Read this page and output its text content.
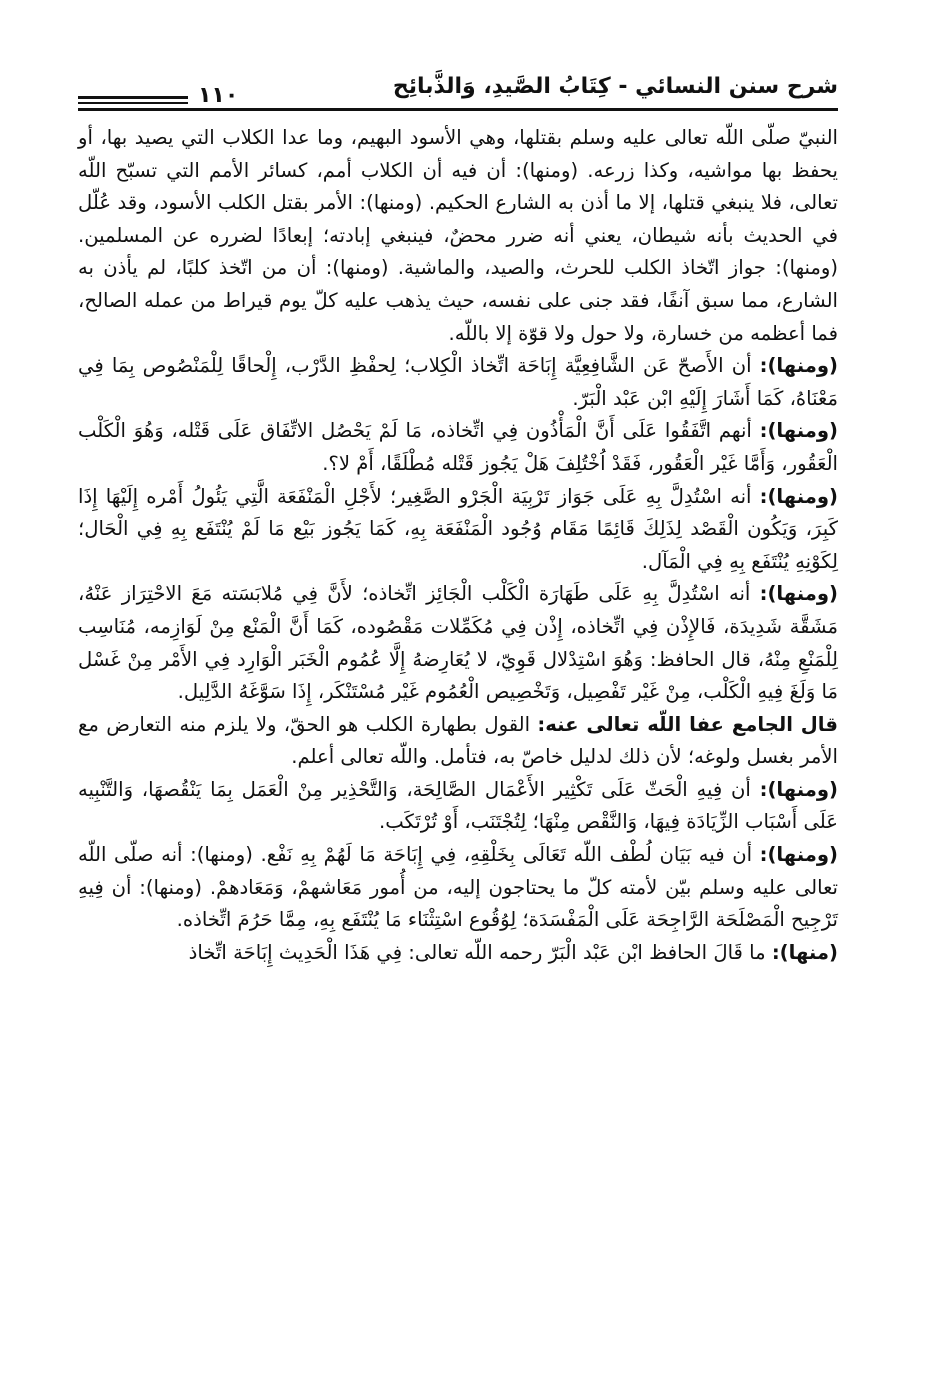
شرح سنن النسائي - كِتَابُ الصَّيدِ، وَالذَّبائِح
١١٠

النبيّ صلّى اللّه تعالى عليه وسلم بقتلها، وهي الأسود البهيم، وما عدا الكلاب التي يصيد بها، أو يحفظ بها مواشيه، وكذا زرعه. (ومنها): أن فيه أن الكلاب أمم، كسائر الأمم التي تسبّح اللّه تعالى، فلا ينبغي قتلها، إلا ما أذن به الشارع الحكيم. (ومنها): الأمر بقتل الكلب الأسود، وقد عُلّل في الحديث بأنه شيطان، يعني أنه ضرر محضٌ، فينبغي إبادته؛ إبعادًا لضرره عن المسلمين. (ومنها): جواز اتّخاذ الكلب للحرث، والصيد، والماشية. (ومنها): أن من اتّخذ كلبًا، لم يأذن به الشارع، مما سبق آنفًا، فقد جنى على نفسه، حيث يذهب عليه كلّ يوم قيراط من عمله الصالح، فما أعظمه من خسارة، ولا حول ولا قوّة إلا باللّه.

(ومنها): أن الأَصحّ عَن الشَّافِعِيَّة إِبَاحَة اتِّخاذ الْكِلاب؛ لِحفْظِ الدَّرْب، إِلْحاقًا لِلْمَنْصُوص بِمَا فِي مَعْنَاهُ، كَمَا أَشَارَ إِلَيْهِ ابْن عَبْد الْبَرّ.

(ومنها): أنهم اتَّفَقُوا عَلَى أَنَّ الْمَأْذُون فِي اتِّخاذه، مَا لَمْ يَحْصُل الاتِّفَاق عَلَى قَتْله، وَهُوَ الْكَلْب الْعَقُور، وَأَمَّا غَيْر الْعَقُور، فَقَدْ اُخْتُلِفَ هَلْ يَجُوز قَتْله مُطْلَقًا، أَمْ لا؟.

(ومنها): أنه اسْتُدِلَّ بِهِ عَلَى جَوَاز تَرْبِيَة الْجَرْو الصَّغِير؛ لأَجْلِ الْمَنْفَعَة الَّتِي يَئُولُ أَمْره إِلَيْهَا إِذَا كَبِرَ، وَيَكُون الْقَصْد لِذَلِكَ قَائِمًا مَقَام وُجُود الْمَنْفَعَة بِهِ، كَمَا يَجُوز بَيْع مَا لَمْ يُنْتَفَع بِهِ فِي الْحَال؛ لِكَوْنِهِ يُنْتَفَع بِهِ فِي الْمَآل.

(ومنها): أنه اسْتُدِلَّ بِهِ عَلَى طَهَارَة الْكَلْب الْجَائِز اتِّخاذه؛ لأَنَّ فِي مُلابَسَته مَعَ الاحْتِرَاز عَنْهُ، مَشَقَّة شَدِيدَة، فَالإِذْن فِي اتِّخاذه، إِذْن فِي مُكَمِّلات مَقْصُوده، كَمَا أَنَّ الْمَنْع مِنْ لَوَازِمه، مُنَاسِب لِلْمَنْعِ مِنْهُ، قال الحافظ: وَهُوَ اسْتِدْلال قَوِيّ، لا يُعَارِضهُ إِلَّا عُمُوم الْخَبَر الْوَارِد فِي الأَمْر مِنْ غَسْل مَا وَلَغَ فِيهِ الْكَلْب، مِنْ غَيْر تَفْصِيل، وَتَخْصِيص الْعُمُوم غَيْر مُسْتَنْكَر، إِذَا سَوَّغَهُ الدَّلِيل.

قال الجامع عفا اللّه تعالى عنه: القول بطهارة الكلب هو الحقّ، ولا يلزم منه التعارض مع الأمر بغسل ولوغه؛ لأن ذلك لدليل خاصّ به، فتأمل. واللّه تعالى أعلم.

(ومنها): أن فِيهِ الْحَثّ عَلَى تَكْثِير الأَعْمَال الصَّالِحَة، وَالتَّحْذِير مِنْ الْعَمَل بِمَا يَنْقُصهَا، وَالتَّنْبِيه عَلَى أَسْبَاب الزِّيَادَة فِيهَا، وَالنَّقْص مِنْهَا؛ لِتُجْتَنَب، أَوْ تُرْتَكَب.

(ومنها): أن فيه بَيَان لُطْف اللّه تَعَالَى بِخَلْقِهِ، فِي إِبَاحَة مَا لَهُمْ بِهِ نَفْع. (ومنها): أنه صلّى اللّه تعالى عليه وسلم بيّن لأمته كلّ ما يحتاجون إليه، من أُمور مَعَاشهمْ، وَمَعَادهمْ. (ومنها): أن فِيهِ تَرْجِيح الْمَصْلَحَة الرَّاجِحَة عَلَى الْمَفْسَدَة؛ لِوُقُوع اسْتِثْنَاء مَا يُنْتَفَع بِهِ، مِمَّا حَرُمَ اتِّخاذه.

(منها): ما قَالَ الحافظ ابْن عَبْد الْبَرّ رحمه اللّه تعالى: فِي هَذَا الْحَدِيث إِبَاحَة اتِّخاذ
